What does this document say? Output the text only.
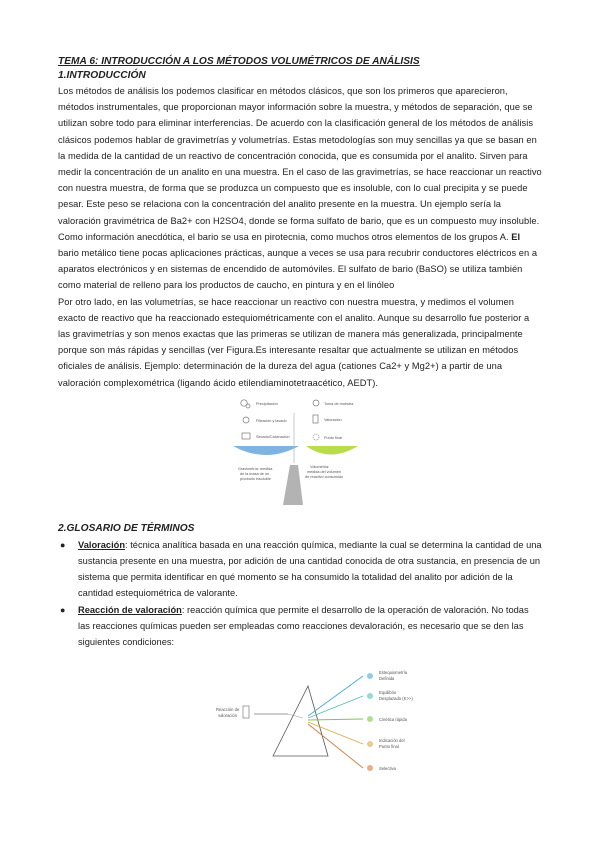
TEMA 6: INTRODUCCIÓN A LOS MÉTODOS VOLUMÉTRICOS DE ANÁLISIS

1.INTRODUCCIÓN

Los métodos de análisis los podemos clasificar en métodos clásicos, que son los primeros que aparecieron, métodos instrumentales, que proporcionan mayor información sobre la muestra, y métodos de separación, que se utilizan sobre todo para eliminar interferencias. De acuerdo con la clasificación general de los métodos de análisis clásicos podemos hablar de gravimetrías y volumetrías. Estas metodologías son muy sencillas ya que se basan en la medida de la cantidad de un reactivo de concentración conocida, que es consumida por el analito. Sirven para medir la concentración de un analito en una muestra. En el caso de las gravimetrías, se hace reaccionar un reactivo con nuestra muestra, de forma que se produzca un compuesto que es insoluble, con lo cual precipita y se puede pesar. Este peso se relaciona con la concentración del analito presente en la muestra. Un ejemplo sería la valoración gravimétrica de Ba2+ con H2SO4, donde se forma sulfato de bario, que es un compuesto muy insoluble. Como información anecdótica, el bario se usa en pirotecnia, como muchos otros elementos de los grupos A. El bario metálico tiene pocas aplicaciones prácticas, aunque a veces se usa para recubrir conductores eléctricos en a aparatos electrónicos y en sistemas de encendido de automóviles. El sulfato de bario (BaSO) se utiliza también como material de relleno para los productos de caucho, en pintura y en el linóleo

Por otro lado, en las volumetrías, se hace reaccionar un reactivo con nuestra muestra, y medimos el volumen exacto de reactivo que ha reaccionado estequiométricamente con el analito. Aunque su desarrollo fue posterior a las gravimetrías y son menos exactas que las primeras se utilizan de manera más generalizada, principalmente porque son más rápidas y sencillas (ver Figura.Es interesante resaltar que actualmente se utilizan en métodos oficiales de análisis. Ejemplo: determinación de la dureza del agua (cationes Ca2+ y Mg2+) a partir de una valoración complexométrica (ligando ácido etilendiaminotetraacético, AEDT).

Precipitación
Filtración y lavado
Secado/Calcinación
Gravimetría: medida
de la masa de un
producto insoluble
Toma de muestra
Valoración
Punto final
Volumetría:
medida del volumen
de reactivo consumido

2.GLOSARIO DE TÉRMINOS

● Valoración: técnica analítica basada en una reacción química, mediante la cual se determina la cantidad de una sustancia presente en una muestra, por adición de una cantidad conocida de otra sustancia, en presencia de un sistema que permita identificar en qué momento se ha consumido la totalidad del analito por adición de la cantidad estequiométrica de valorante.
● Reacción de valoración: reacción química que permite el desarrollo de la operación de valoración. No todas las reacciones químicas pueden ser empleadas como reacciones devaloración, es necesario que se den las siguientes condiciones:
Reacción de
valoración
Estequiometría
Definida
Equilibrio
Desplazado (K>>)
Cinética rápida
Indicación del
Punto final
Selectiva
